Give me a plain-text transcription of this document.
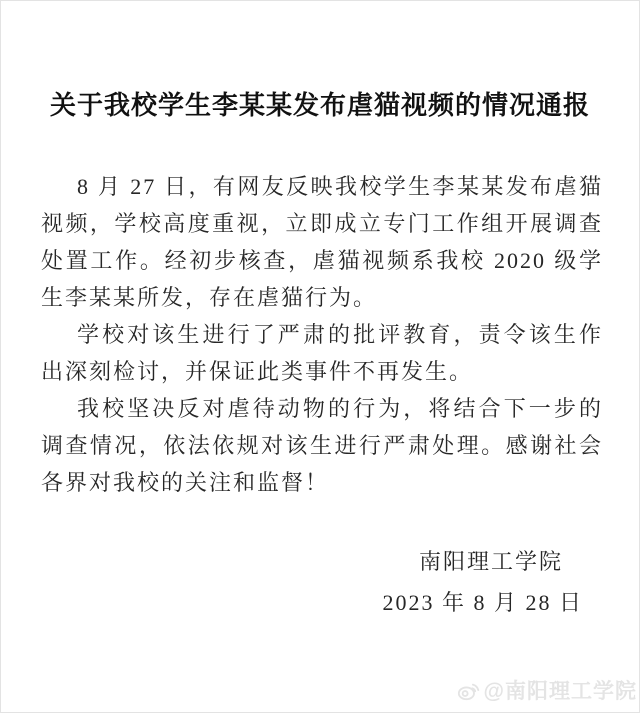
关于我校学生李某某发布虐猫视频的情况通报

8 月 27 日，有网友反映我校学生李某某发布虐猫视频，学校高度重视，立即成立专门工作组开展调查处置工作。经初步核查，虐猫视频系我校 2020 级学生李某某所发，存在虐猫行为。

学校对该生进行了严肃的批评教育，责令该生作出深刻检讨，并保证此类事件不再发生。

我校坚决反对虐待动物的行为，将结合下一步的调查情况，依法依规对该生进行严肃处理。感谢社会各界对我校的关注和监督！

南阳理工学院
2023 年 8 月 28 日
@南阳理工学院
